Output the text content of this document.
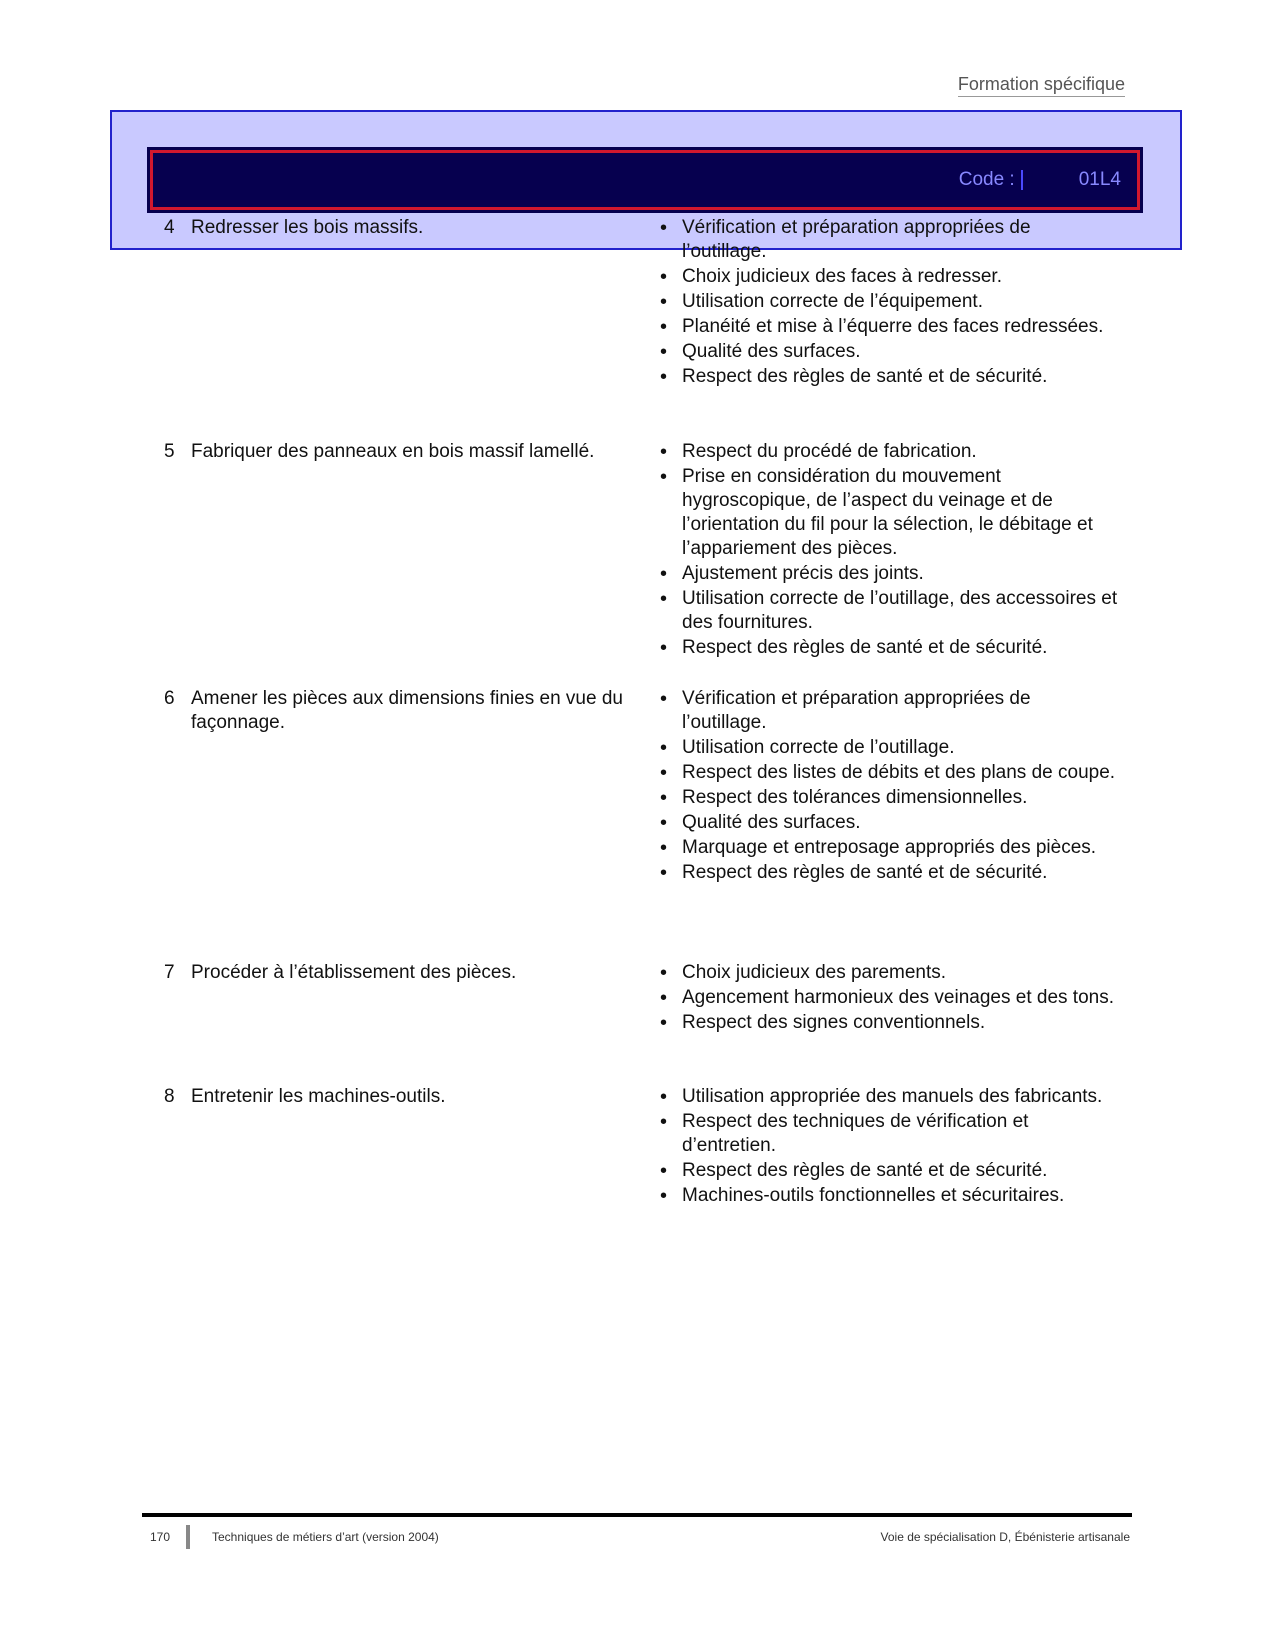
Formation spécifique
Code :	01L4
4 Redresser les bois massifs.	• Vérification et préparation appropriées de l’outillage.
• Choix judicieux des faces à redresser.
• Utilisation correcte de l’équipement.
• Planéité et mise à l’équerre des faces redressées.
• Qualité des surfaces.
• Respect des règles de santé et de sécurité.
5 Fabriquer des panneaux en bois massif lamellé.	• Respect du procédé de fabrication.
• Prise en considération du mouvement hygroscopique, de l’aspect du veinage et de l’orientation du fil pour la sélection, le débitage et l’appariement des pièces.
• Ajustement précis des joints.
• Utilisation correcte de l’outillage, des accessoires et des fournitures.
• Respect des règles de santé et de sécurité.
6 Amener les pièces aux dimensions finies en vue du façonnage.
• Vérification et préparation appropriées de l’outillage.
• Utilisation correcte de l’outillage.
• Respect des listes de débits et des plans de coupe.
• Respect des tolérances dimensionnelles.
• Qualité des surfaces.
• Marquage et entreposage appropriés des pièces.
• Respect des règles de santé et de sécurité.
7 Procéder à l’établissement des pièces.	• Choix judicieux des parements.
• Agencement harmonieux des veinages et des tons.
• Respect des signes conventionnels.
8 Entretenir les machines-outils.	• Utilisation appropriée des manuels des fabricants.
• Respect des techniques de vérification et d’entretien.
• Respect des règles de santé et de sécurité.
• Machines-outils fonctionnelles et sécuritaires.
170	Techniques de métiers d’art (version 2004)	Voie de spécialisation D, Ébénisterie artisanale
